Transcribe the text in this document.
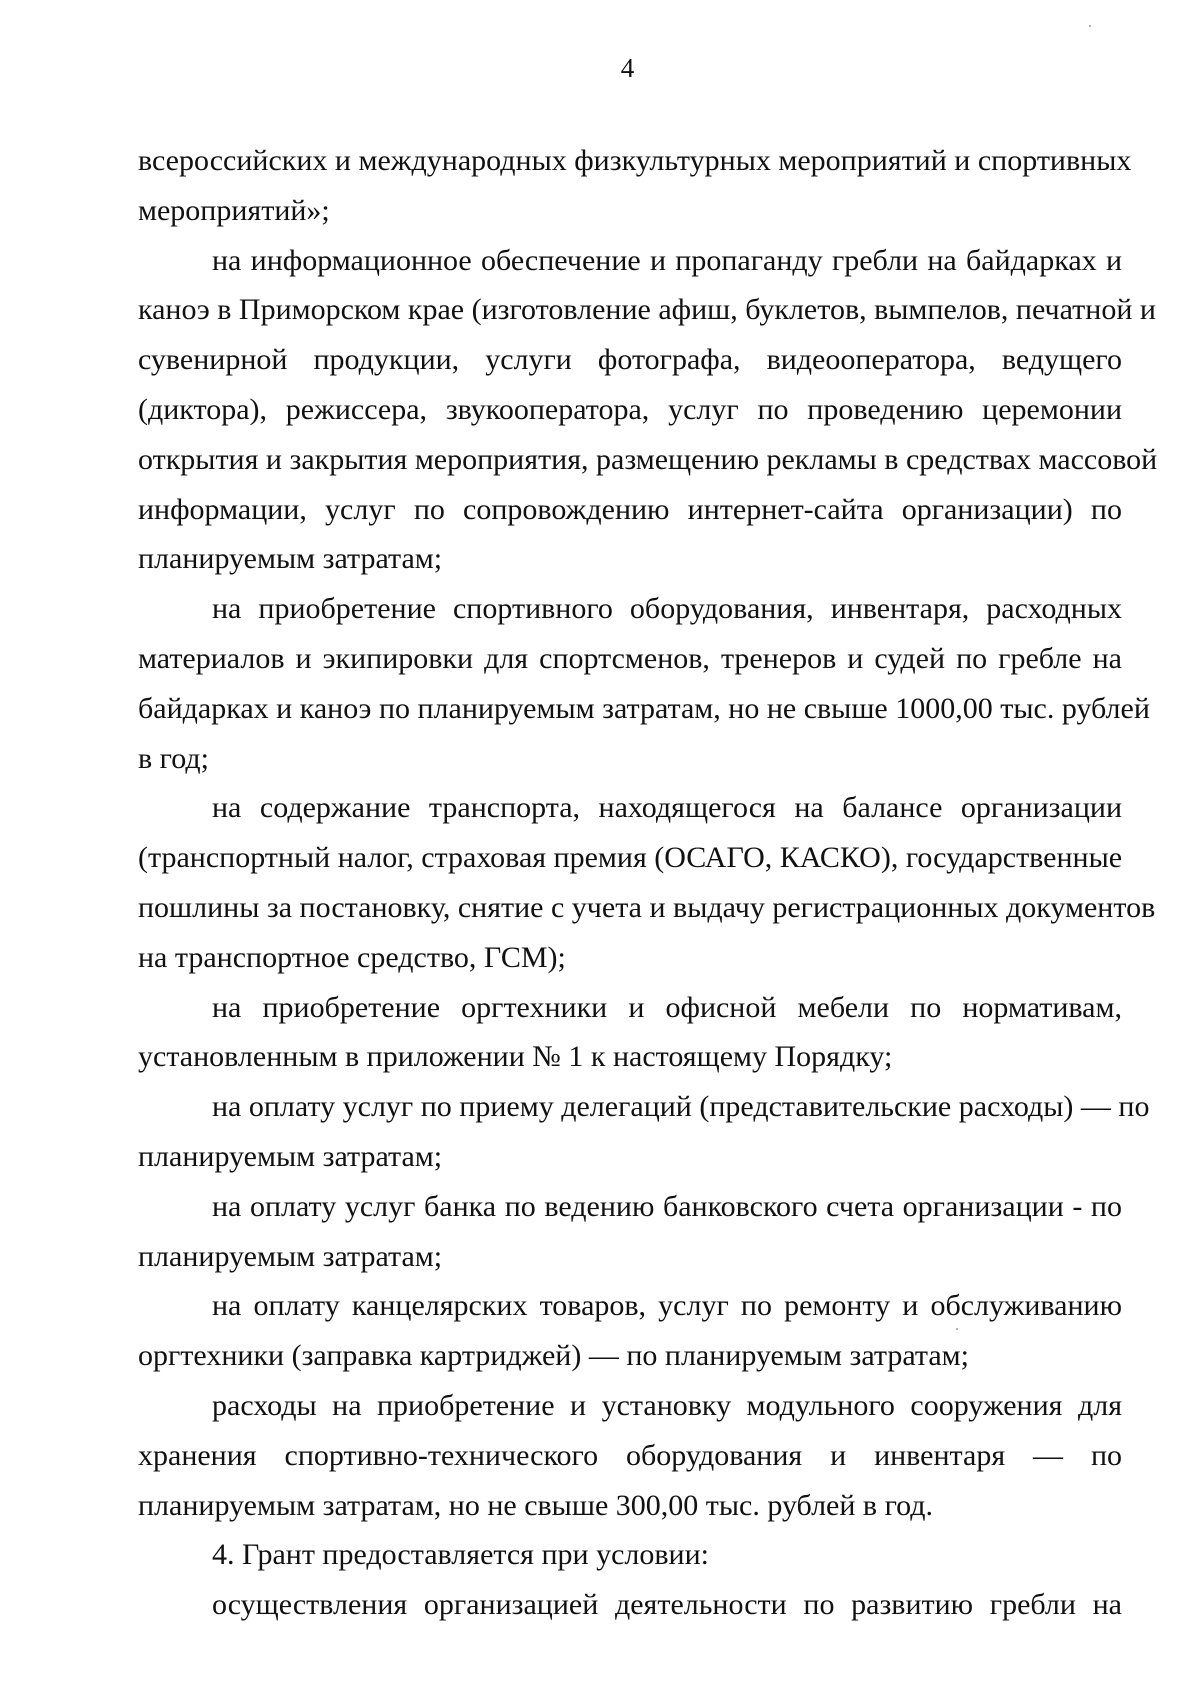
4
всероссийских и международных физкультурных мероприятий и спортивных
мероприятий»;
на информационное обеспечение и пропаганду гребли на байдарках и
каноэ в Приморском крае (изготовление афиш, буклетов, вымпелов, печатной и
сувенирной продукции, услуги фотографа, видеооператора, ведущего
(диктора), режиссера, звукооператора, услуг по проведению церемонии
открытия и закрытия мероприятия, размещению рекламы в средствах массовой
информации, услуг по сопровождению интернет-сайта организации) по
планируемым затратам;
на приобретение спортивного оборудования, инвентаря, расходных
материалов и экипировки для спортсменов, тренеров и судей по гребле на
байдарках и каноэ по планируемым затратам, но не свыше 1000,00 тыс. рублей
в год;
на содержание транспорта, находящегося на балансе организации
(транспортный налог, страховая премия (ОСАГО, КАСКО), государственные
пошлины за постановку, снятие с учета и выдачу регистрационных документов
на транспортное средство, ГСМ);
на приобретение оргтехники и офисной мебели по нормативам,
установленным в приложении № 1 к настоящему Порядку;
на оплату услуг по приему делегаций (представительские расходы) — по
планируемым затратам;
на оплату услуг банка по ведению банковского счета организации - по
планируемым затратам;
на оплату канцелярских товаров, услуг по ремонту и обслуживанию
оргтехники (заправка картриджей) — по планируемым затратам;
расходы на приобретение и установку модульного сооружения для
хранения спортивно-технического оборудования и инвентаря — по
планируемым затратам, но не свыше 300,00 тыс. рублей в год.
4. Грант предоставляется при условии:
осуществления организацией деятельности по развитию гребли на
